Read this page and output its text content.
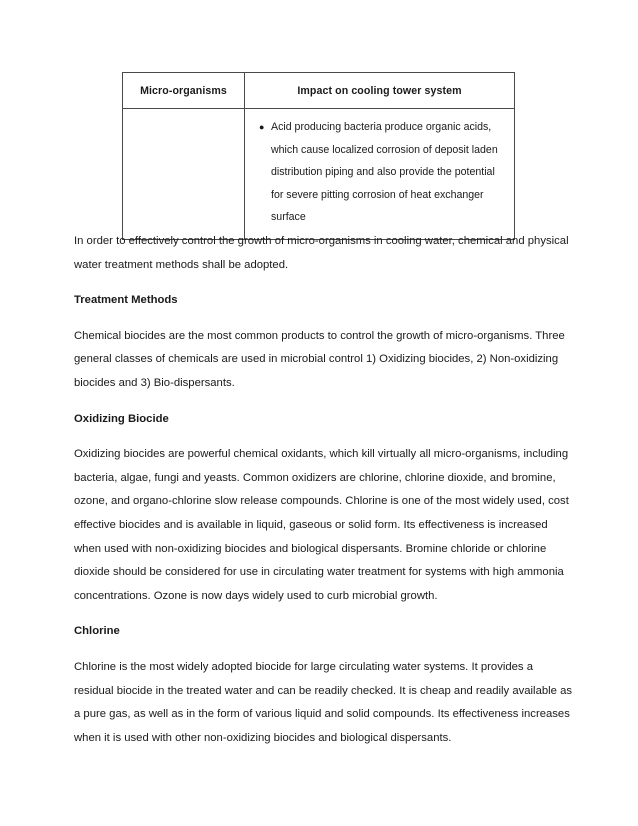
Micro-organisms	Impact on cooling tower system

	● Acid producing bacteria produce organic acids, which cause localized corrosion of deposit laden distribution piping and also provide the potential for severe pitting corrosion of heat exchanger surface

In order to effectively control the growth of micro-organisms in cooling water, chemical and physical water treatment methods shall be adopted.

Treatment Methods

Chemical biocides are the most common products to control the growth of micro-organisms. Three general classes of chemicals are used in microbial control 1) Oxidizing biocides, 2) Non-oxidizing biocides and 3) Bio-dispersants.

Oxidizing Biocide

Oxidizing biocides are powerful chemical oxidants, which kill virtually all micro-organisms, including bacteria, algae, fungi and yeasts. Common oxidizers are chlorine, chlorine dioxide, and bromine, ozone, and organo-chlorine slow release compounds. Chlorine is one of the most widely used, cost effective biocides and is available in liquid, gaseous or solid form. Its effectiveness is increased when used with non-oxidizing biocides and biological dispersants. Bromine chloride or chlorine dioxide should be considered for use in circulating water treatment for systems with high ammonia concentrations. Ozone is now days widely used to curb microbial growth.

Chlorine

Chlorine is the most widely adopted biocide for large circulating water systems. It provides a residual biocide in the treated water and can be readily checked. It is cheap and readily available as a pure gas, as well as in the form of various liquid and solid compounds. Its effectiveness increases when it is used with other non-oxidizing biocides and biological dispersants.
